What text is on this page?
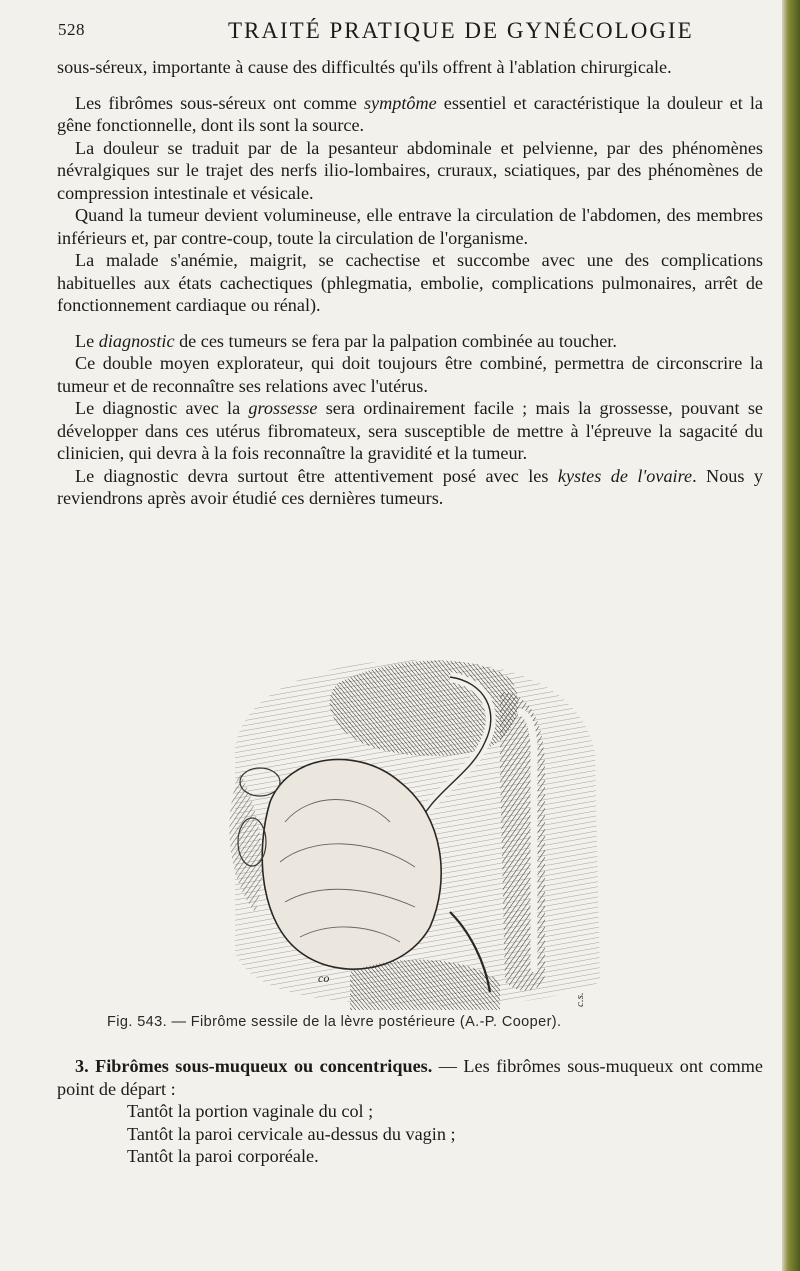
528	TRAITÉ PRATIQUE DE GYNÉCOLOGIE

sous-séreux, importante à cause des difficultés qu'ils offrent à l'ablation chirurgicale.

Les fibrômes sous-séreux ont comme symptôme essentiel et caractéristique la douleur et la gêne fonctionnelle, dont ils sont la source.

La douleur se traduit par de la pesanteur abdominale et pelvienne, par des phénomènes névralgiques sur le trajet des nerfs ilio-lombaires, cruraux, sciatiques, par des phénomènes de compression intestinale et vésicale.

Quand la tumeur devient volumineuse, elle entrave la circulation de l'abdomen, des membres inférieurs et, par contre-coup, toute la circulation de l'organisme.

La malade s'anémie, maigrit, se cachectise et succombe avec une des complications habituelles aux états cachectiques (phlegmatia, embolie, complications pulmonaires, arrêt de fonctionnement cardiaque ou rénal).

Le diagnostic de ces tumeurs se fera par la palpation combinée au toucher.

Ce double moyen explorateur, qui doit toujours être combiné, permettra de circonscrire la tumeur et de reconnaître ses relations avec l'utérus.

Le diagnostic avec la grossesse sera ordinairement facile ; mais la grossesse, pouvant se développer dans ces utérus fibromateux, sera susceptible de mettre à l'épreuve la sagacité du clinicien, qui devra à la fois reconnaître la gravidité et la tumeur.

Le diagnostic devra surtout être attentivement posé avec les kystes de l'ovaire. Nous y reviendrons après avoir étudié ces dernières tumeurs.

co
c.s.
Fig. 543. — Fibrôme sessile de la lèvre postérieure (A.-P. Cooper).

3. Fibrômes sous-muqueux ou concentriques. — Les fibrômes sous-muqueux ont comme point de départ :

Tantôt la portion vaginale du col ;

Tantôt la paroi cervicale au-dessus du vagin ;

Tantôt la paroi corporéale.
